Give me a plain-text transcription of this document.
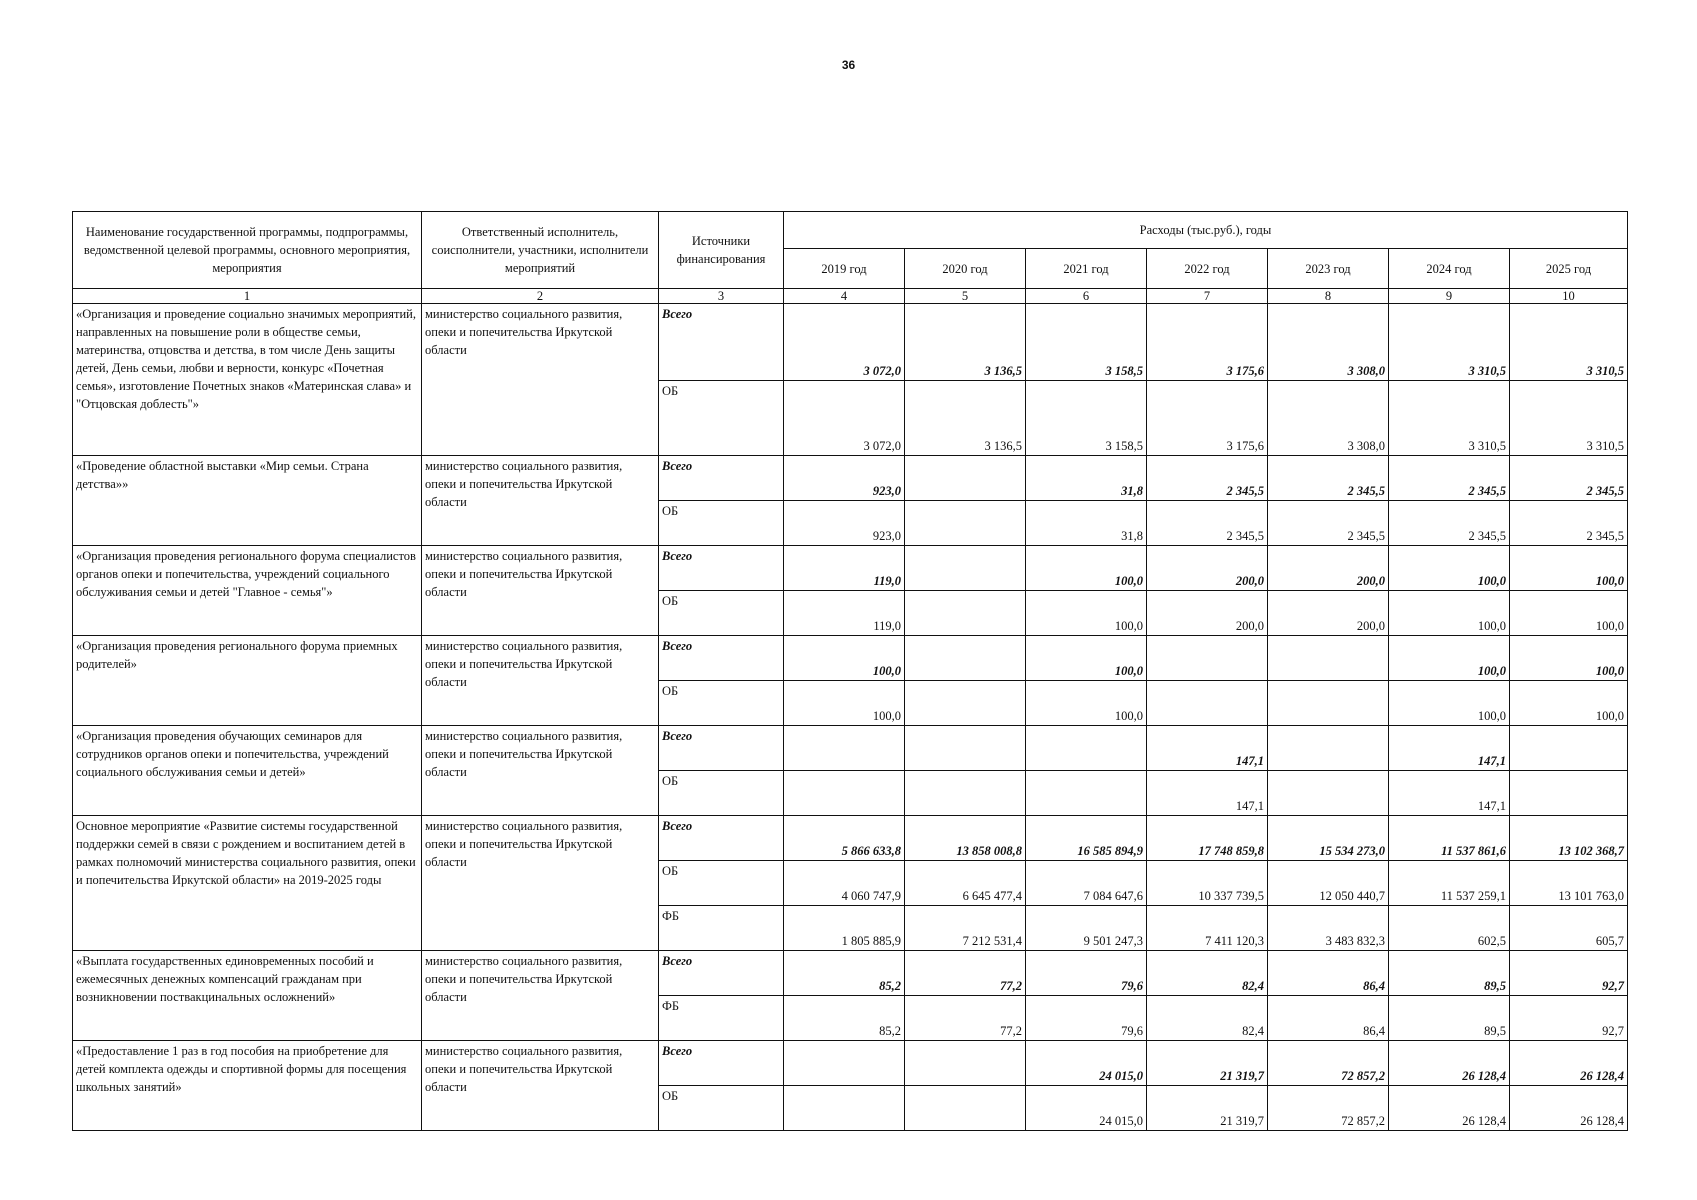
36
Наименование государственной программы, подпрограммы, ведомственной целевой программы, основного мероприятия, мероприятия	Ответственный исполнитель, соисполнители, участники, исполнители мероприятий	Источники финансирования	Расходы (тыс.руб.), годы						
			2019 год	2020 год	2021 год	2022 год	2023 год	2024 год	2025 год
1	2	3	4	5	6	7	8	9	10
«Организация и проведение социально значимых мероприятий, направленных на повышение роли в обществе семьи, материнства, отцовства и детства, в том числе День защиты детей, День семьи, любви и верности, конкурс «Почетная семья», изготовление Почетных знаков «Материнская слава» и "Отцовская доблесть"»	министерство социального развития, опеки и попечительства Иркутской области	Всего	3 072,0	3 136,5	3 158,5	3 175,6	3 308,0	3 310,5	3 310,5
		ОБ	3 072,0	3 136,5	3 158,5	3 175,6	3 308,0	3 310,5	3 310,5
«Проведение областной выставки «Мир семьи. Страна детства»»	министерство социального развития, опеки и попечительства Иркутской области	Всего	923,0		31,8	2 345,5	2 345,5	2 345,5	2 345,5
		ОБ	923,0		31,8	2 345,5	2 345,5	2 345,5	2 345,5
«Организация проведения регионального форума специалистов органов опеки и попечительства, учреждений социального обслуживания семьи и детей "Главное - семья"»	министерство социального развития, опеки и попечительства Иркутской области	Всего	119,0		100,0	200,0	200,0	100,0	100,0
		ОБ	119,0		100,0	200,0	200,0	100,0	100,0
«Организация проведения регионального форума приемных родителей»	министерство социального развития, опеки и попечительства Иркутской области	Всего	100,0		100,0			100,0	100,0
		ОБ	100,0		100,0			100,0	100,0
«Организация проведения обучающих семинаров для сотрудников органов опеки и попечительства, учреждений социального обслуживания семьи и детей»	министерство социального развития, опеки и попечительства Иркутской области	Всего				147,1		147,1	
		ОБ				147,1		147,1	
Основное мероприятие «Развитие системы государственной поддержки семей в связи с рождением и воспитанием детей в рамках полномочий министерства социального развития, опеки и попечительства Иркутской области» на 2019-2025 годы	министерство социального развития, опеки и попечительства Иркутской области	Всего	5 866 633,8	13 858 008,8	16 585 894,9	17 748 859,8	15 534 273,0	11 537 861,6	13 102 368,7
		ОБ	4 060 747,9	6 645 477,4	7 084 647,6	10 337 739,5	12 050 440,7	11 537 259,1	13 101 763,0
		ФБ	1 805 885,9	7 212 531,4	9 501 247,3	7 411 120,3	3 483 832,3	602,5	605,7
«Выплата государственных единовременных пособий и ежемесячных денежных компенсаций гражданам при возникновении поствакцинальных осложнений»	министерство социального развития, опеки и попечительства Иркутской области	Всего	85,2	77,2	79,6	82,4	86,4	89,5	92,7
		ФБ	85,2	77,2	79,6	82,4	86,4	89,5	92,7
«Предоставление 1 раз в год пособия на приобретение для детей комплекта одежды и спортивной формы для посещения школьных занятий»	министерство социального развития, опеки и попечительства Иркутской области	Всего			24 015,0	21 319,7	72 857,2	26 128,4	26 128,4
		ОБ			24 015,0	21 319,7	72 857,2	26 128,4	26 128,4
